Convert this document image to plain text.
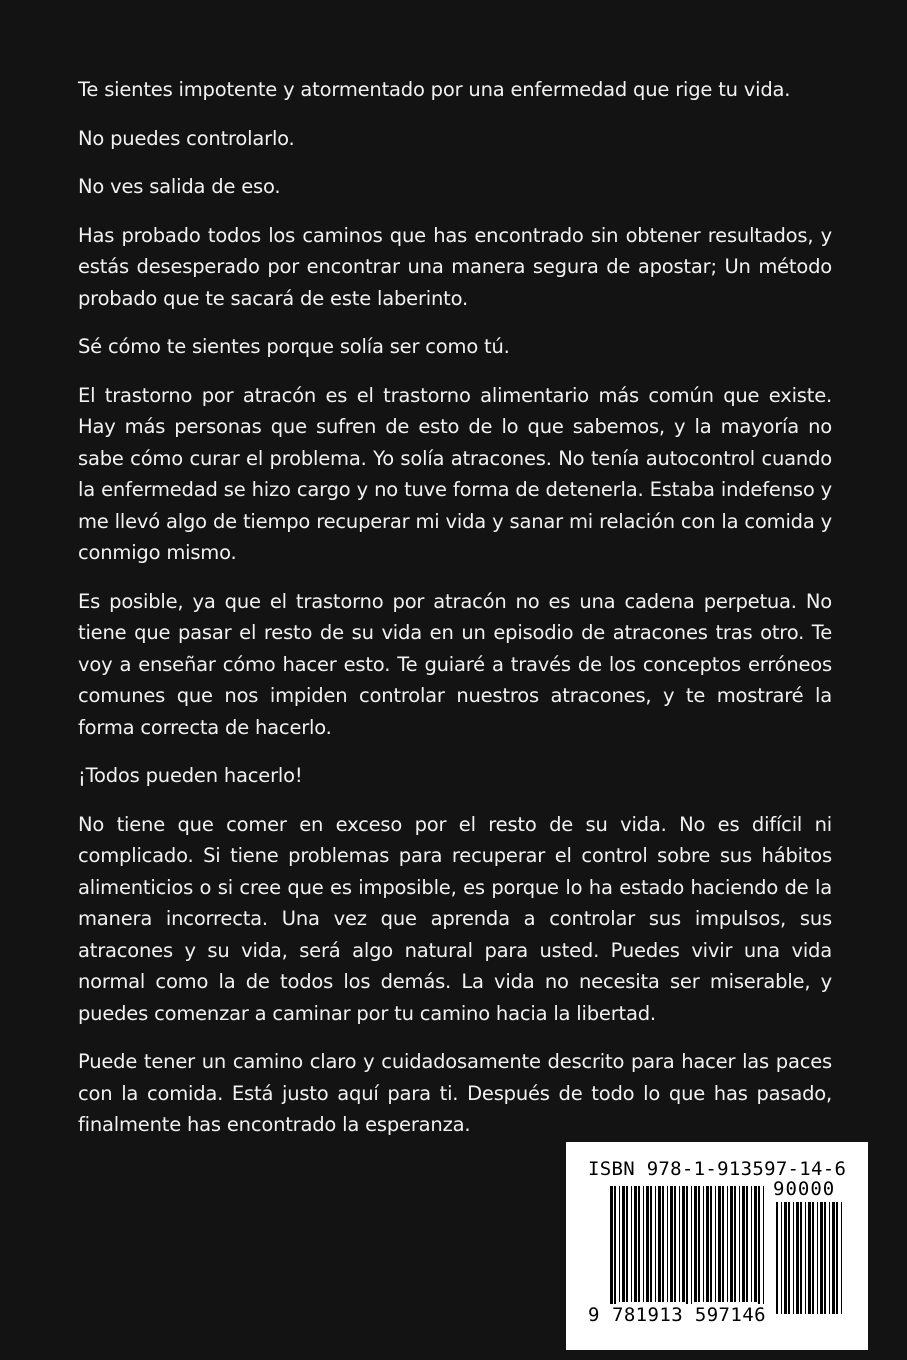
Te sientes impotente y atormentado por una enfermedad que rige tu vida.

No puedes controlarlo.

No ves salida de eso.

Has probado todos los caminos que has encontrado sin obtener resultados, y estás desesperado por encontrar una manera segura de apostar; Un método probado que te sacará de este laberinto.

Sé cómo te sientes porque solía ser como tú.

El trastorno por atracón es el trastorno alimentario más común que existe. Hay más personas que sufren de esto de lo que sabemos, y la mayoría no sabe cómo curar el problema. Yo solía atracones. No tenía autocontrol cuando la enfermedad se hizo cargo y no tuve forma de detenerla. Estaba indefenso y me llevó algo de tiempo recuperar mi vida y sanar mi relación con la comida y conmigo mismo.

Es posible, ya que el trastorno por atracón no es una cadena perpetua. No tiene que pasar el resto de su vida en un episodio de atracones tras otro. Te voy a enseñar cómo hacer esto. Te guiaré a través de los conceptos erróneos comunes que nos impiden controlar nuestros atracones, y te mostraré la forma correcta de hacerlo.

¡Todos pueden hacerlo!

No tiene que comer en exceso por el resto de su vida. No es difícil ni complicado. Si tiene problemas para recuperar el control sobre sus hábitos alimenticios o si cree que es imposible, es porque lo ha estado haciendo de la manera incorrecta. Una vez que aprenda a controlar sus impulsos, sus atracones y su vida, será algo natural para usted. Puedes vivir una vida normal como la de todos los demás. La vida no necesita ser miserable, y puedes comenzar a caminar por tu camino hacia la libertad.

Puede tener un camino claro y cuidadosamente descrito para hacer las paces con la comida. Está justo aquí para ti. Después de todo lo que has pasado, finalmente has encontrado la esperanza.

ISBN 978-1-913597-14-6
90000
9 781913 597146
